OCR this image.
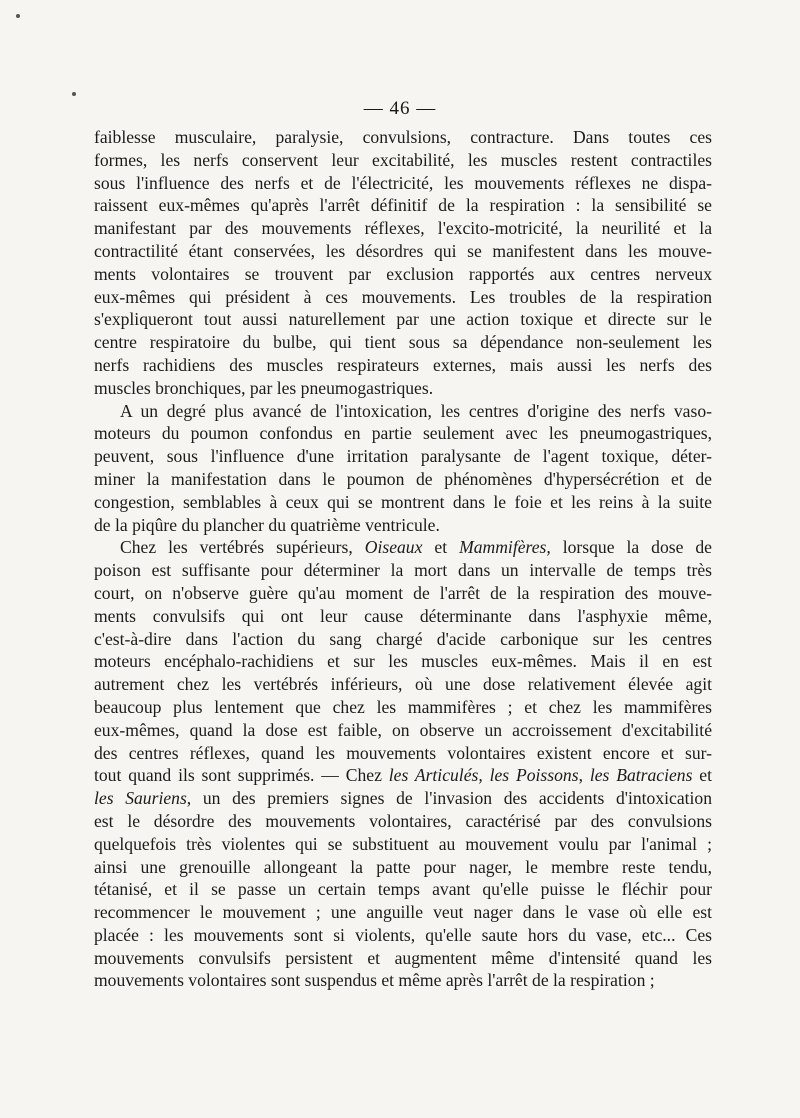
— 46 —
faiblesse musculaire, paralysie, convulsions, contracture. Dans toutes ces
formes, les nerfs conservent leur excitabilité, les muscles restent contractiles
sous l'influence des nerfs et de l'électricité, les mouvements réflexes ne dispa-
raissent eux-mêmes qu'après l'arrêt définitif de la respiration : la sensibilité se
manifestant par des mouvements réflexes, l'excito-motricité, la neurilité et la
contractilité étant conservées, les désordres qui se manifestent dans les mouve-
ments volontaires se trouvent par exclusion rapportés aux centres nerveux
eux-mêmes qui président à ces mouvements. Les troubles de la respiration
s'expliqueront tout aussi naturellement par une action toxique et directe sur le
centre respiratoire du bulbe, qui tient sous sa dépendance non-seulement les
nerfs rachidiens des muscles respirateurs externes, mais aussi les nerfs des
muscles bronchiques, par les pneumogastriques.
A un degré plus avancé de l'intoxication, les centres d'origine des nerfs vaso-
moteurs du poumon confondus en partie seulement avec les pneumogastriques,
peuvent, sous l'influence d'une irritation paralysante de l'agent toxique, déter-
miner la manifestation dans le poumon de phénomènes d'hypersécrétion et de
congestion, semblables à ceux qui se montrent dans le foie et les reins à la suite
de la piqûre du plancher du quatrième ventricule.
Chez les vertébrés supérieurs, Oiseaux et Mammifères, lorsque la dose de
poison est suffisante pour déterminer la mort dans un intervalle de temps très
court, on n'observe guère qu'au moment de l'arrêt de la respiration des mouve-
ments convulsifs qui ont leur cause déterminante dans l'asphyxie même,
c'est-à-dire dans l'action du sang chargé d'acide carbonique sur les centres
moteurs encéphalo-rachidiens et sur les muscles eux-mêmes. Mais il en est
autrement chez les vertébrés inférieurs, où une dose relativement élevée agit
beaucoup plus lentement que chez les mammifères ; et chez les mammifères
eux-mêmes, quand la dose est faible, on observe un accroissement d'excitabilité
des centres réflexes, quand les mouvements volontaires existent encore et sur-
tout quand ils sont supprimés. — Chez les Articulés, les Poissons, les Batraciens et
les Sauriens, un des premiers signes de l'invasion des accidents d'intoxication
est le désordre des mouvements volontaires, caractérisé par des convulsions
quelquefois très violentes qui se substituent au mouvement voulu par l'animal ;
ainsi une grenouille allongeant la patte pour nager, le membre reste tendu,
tétanisé, et il se passe un certain temps avant qu'elle puisse le fléchir pour
recommencer le mouvement ; une anguille veut nager dans le vase où elle est
placée : les mouvements sont si violents, qu'elle saute hors du vase, etc... Ces
mouvements convulsifs persistent et augmentent même d'intensité quand les
mouvements volontaires sont suspendus et même après l'arrêt de la respiration ;
